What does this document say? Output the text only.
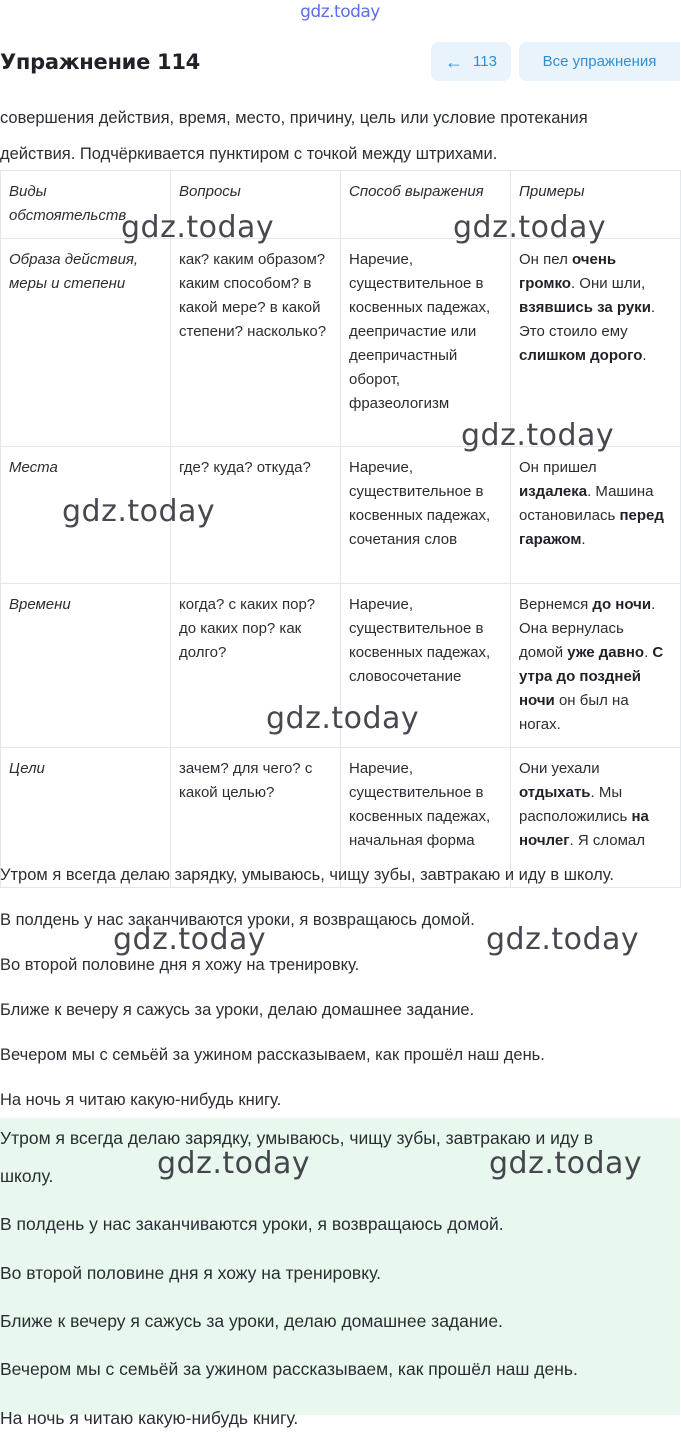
gdz.today
Упражнение 114	← 113	Все упражнения
совершения действия, время, место, причину, цель или условие протекания
действия. Подчёркивается пунктиром с точкой между штрихами.
Виды обстоятельств	Вопросы	Способ выражения	Примеры
Образа действия, меры и степени	как? каким образом? каким способом? в какой мере? в какой степени? насколько?	Наречие, существительное в косвенных падежах, деепричастие или деепричастный оборот, фразеологизм	Он пел очень громко. Они шли, взявшись за руки. Это стоило ему слишком дорого.
Места	где? куда? откуда?	Наречие, существительное в косвенных падежах, сочетания слов	Он пришел издалека. Машина остановилась перед гаражом.
Времени	когда? с каких пор? до каких пор? как долго?	Наречие, существительное в косвенных падежах, словосочетание	Вернемся до ночи. Она вернулась домой уже давно. С утра до поздней ночи он был на ногах.
Цели	зачем? для чего? с какой целью?	Наречие, существительное в косвенных падежах, начальная форма	Они уехали отдыхать. Мы расположились на ночлег. Я сломал
Утром я всегда делаю зарядку, умываюсь, чищу зубы, завтракаю и иду в школу.
В полдень у нас заканчиваются уроки, я возвращаюсь домой.
Во второй половине дня я хожу на тренировку.
Ближе к вечеру я сажусь за уроки, делаю домашнее задание.
Вечером мы с семьёй за ужином рассказываем, как прошёл наш день.
На ночь я читаю какую-нибудь книгу.
Утром я всегда делаю зарядку, умываюсь, чищу зубы, завтракаю и иду в
школу.
В полдень у нас заканчиваются уроки, я возвращаюсь домой.
Во второй половине дня я хожу на тренировку.
Ближе к вечеру я сажусь за уроки, делаю домашнее задание.
Вечером мы с семьёй за ужином рассказываем, как прошёл наш день.
На ночь я читаю какую-нибудь книгу.
gdz.today	gdz.today
gdz.today
gdz.today
gdz.today
gdz.today	gdz.today
gdz.today	gdz.today
